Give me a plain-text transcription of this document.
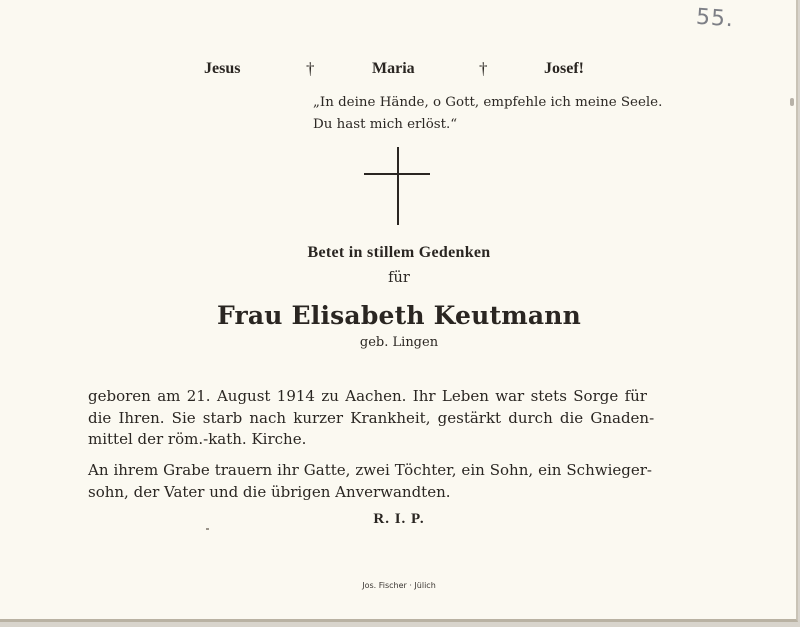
55.
Jesus	†	Maria	†	Josef!
„In deine Hände, o Gott, empfehle ich meine Seele.
Du hast mich erlöst.“
Betet in stillem Gedenken
für
Frau Elisabeth Keutmann
geb. Lingen
geboren am 21. August 1914 zu Aachen. Ihr Leben war stets Sorge für
die Ihren. Sie starb nach kurzer Krankheit, gestärkt durch die Gnaden-
mittel der röm.-kath. Kirche.
An ihrem Grabe trauern ihr Gatte, zwei Töchter, ein Sohn, ein Schwieger-
sohn, der Vater und die übrigen Anverwandten.
R. I. P.
Jos. Fischer · Jülich
